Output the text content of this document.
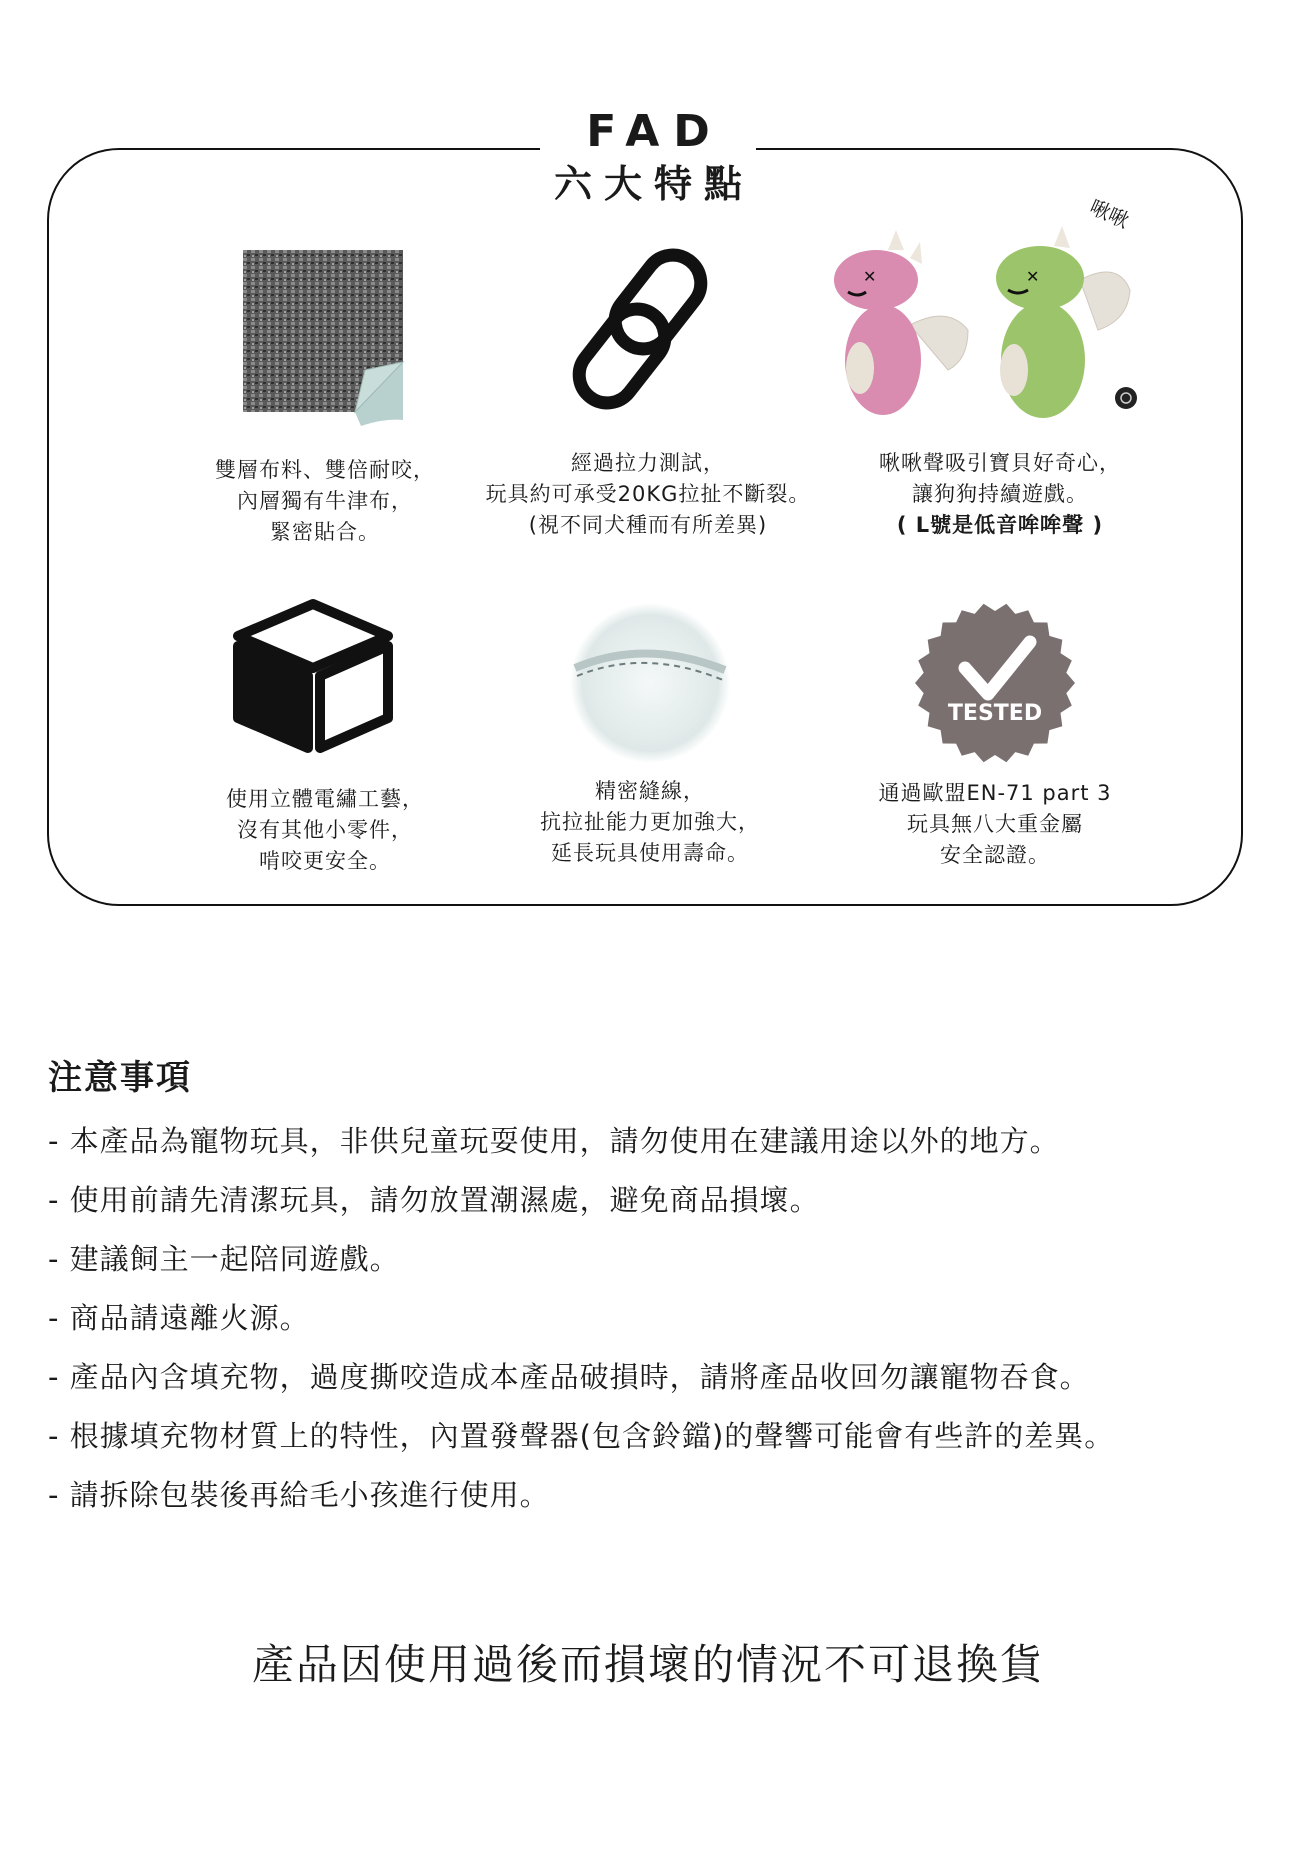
FAD
六大特點
✕	✕
啾啾
TESTED
雙層布料、雙倍耐咬，
內層獨有牛津布，
緊密貼合。
經過拉力測試，
玩具約可承受20KG拉扯不斷裂。
(視不同犬種而有所差異)
啾啾聲吸引寶貝好奇心，
讓狗狗持續遊戲。
( L號是低音哞哞聲 )
使用立體電繡工藝，
沒有其他小零件，
啃咬更安全。
精密縫線，
抗拉扯能力更加強大，
延長玩具使用壽命。
通過歐盟EN-71 part 3
玩具無八大重金屬
安全認證。
注意事項
- 本產品為寵物玩具，非供兒童玩耍使用，請勿使用在建議用途以外的地方。
- 使用前請先清潔玩具，請勿放置潮濕處，避免商品損壞。
- 建議飼主一起陪同遊戲。
- 商品請遠離火源。
- 產品內含填充物，過度撕咬造成本產品破損時，請將產品收回勿讓寵物吞食。
- 根據填充物材質上的特性，內置發聲器(包含鈴鐺)的聲響可能會有些許的差異。
- 請拆除包裝後再給毛小孩進行使用。
產品因使用過後而損壞的情況不可退換貨
